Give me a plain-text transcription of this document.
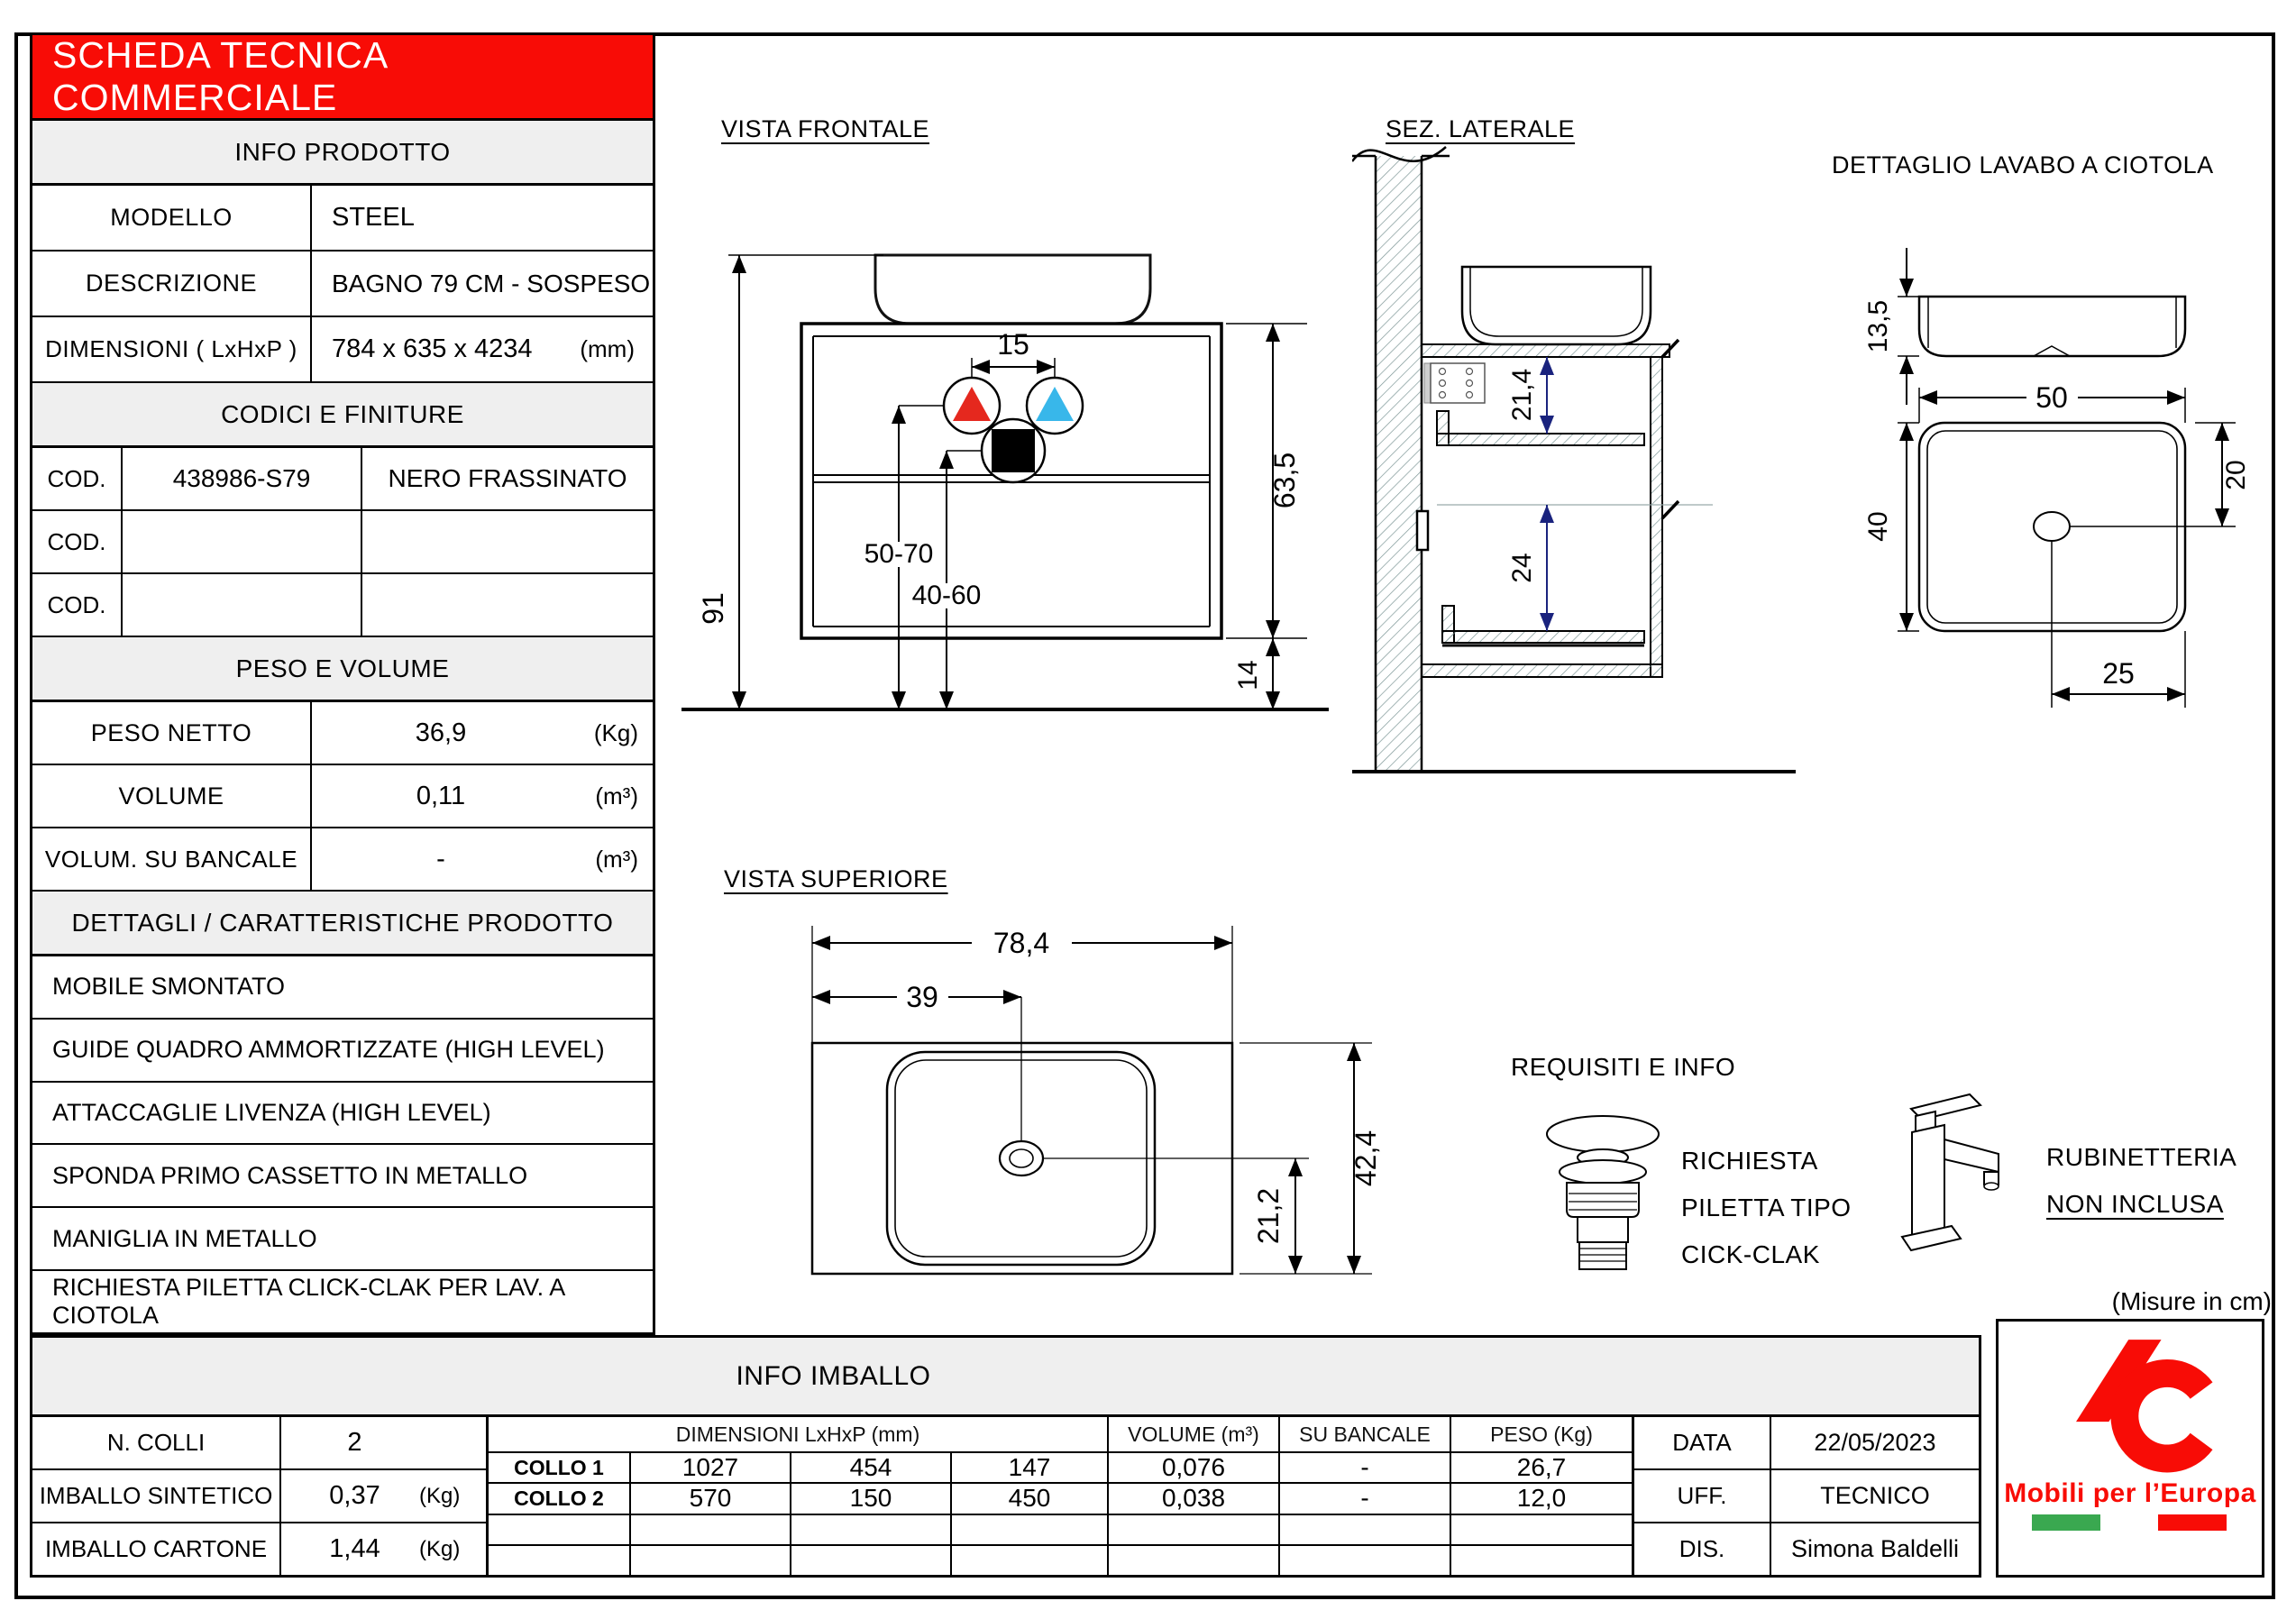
SCHEDA TECNICA COMMERCIALE
INFO PRODOTTO
MODELLO	STEEL
DESCRIZIONE	BAGNO 79 CM - SOSPESO
DIMENSIONI ( LxHxP )	784 x 635 x 4234 (mm)
CODICI E FINITURE
COD.	438986-S79	NERO FRASSINATO
COD.
COD.
PESO E VOLUME
PESO NETTO	36,9	(Kg)
VOLUME	0,11	(m³)
VOLUM. SU BANCALE	-	(m³)
DETTAGLI / CARATTERISTICHE PRODOTTO
MOBILE SMONTATO
GUIDE QUADRO AMMORTIZZATE (HIGH LEVEL)
ATTACCAGLIE LIVENZA (HIGH LEVEL)
SPONDA PRIMO CASSETTO IN METALLO
MANIGLIA IN METALLO
RICHIESTA PILETTA CLICK-CLAK PER LAV. A CIOTOLA
VISTA FRONTALE	SEZ. LATERALE
DETTAGLIO LAVABO A CIOTOLA
VISTA SUPERIORE
REQUISITI E INFO
91
63,5
14
15
50-70
40-60
21,4
24
13,5
50
40
20
25
78,4
39
42,4
21,2
RICHIESTA
PILETTA TIPO
CICK-CLAK
RUBINETTERIA
NON INCLUSA
(Misure in cm)
INFO IMBALLO
N. COLLI	2
IMBALLO SINTETICO	0,37	(Kg)
IMBALLO CARTONE	1,44	(Kg)
DIMENSIONI LxHxP (mm)	VOLUME (m³)	SU BANCALE	PESO (Kg)
COLLO 1	1027	454	147	0,076	-	26,7
COLLO 2	570	150	450	0,038	-	12,0
DATA	22/05/2023
UFF.	TECNICO
DIS.	Simona Baldelli
Mobili per l’Europa
